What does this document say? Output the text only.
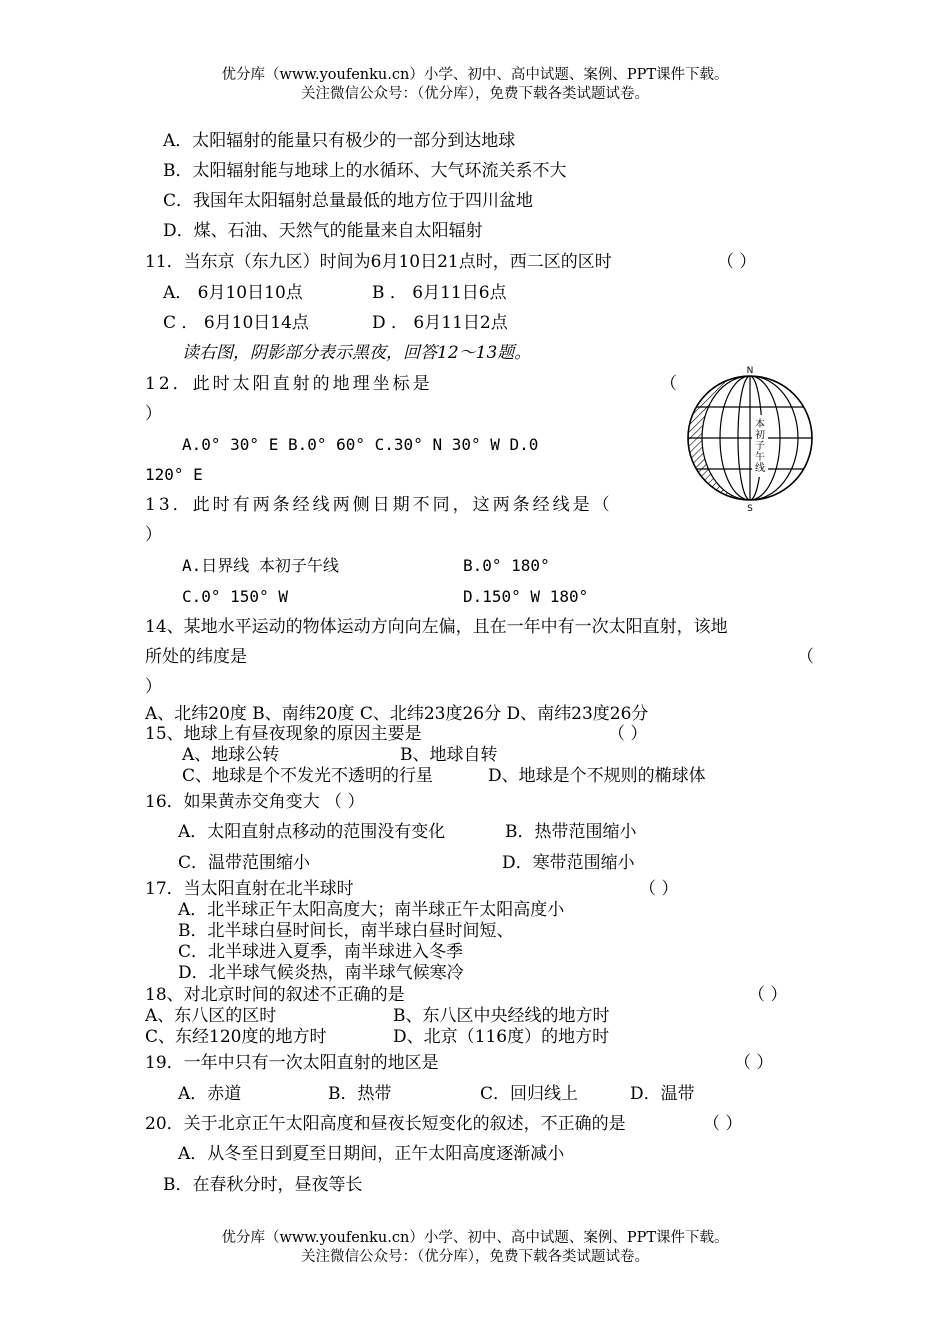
优分库（www.youfenku.cn）小学、初中、高中试题、案例、PPT课件下载。
关注微信公众号：（优分库），免费下载各类试题试卷。
A．太阳辐射的能量只有极少的一部分到达地球
B．太阳辐射能与地球上的水循环、大气环流关系不大
C．我国年太阳辐射总量最低的地方位于四川盆地
D．煤、石油、天然气的能量来自太阳辐射
11．当东京（东九区）时间为6月10日21点时，西二区的区时	（ ）
A． 6月10日10点	B ． 6月11日6点
C ． 6月10日14点	D ． 6月11日2点
读右图，阴影部分表示黑夜，回答12～13题。
12．此时太阳直射的地理坐标是	（
）
A.0° 30° E B.0° 60° C.30° N 30° W D.0
120° E
13．此时有两条经线两侧日期不同，这两条经线是（
）
A.日界线 本初子午线	B.0° 180°
C.0° 150° W	D.150° W 180°
N
S
本
初
子
午
线
14、某地水平运动的物体运动方向向左偏，且在一年中有一次太阳直射，该地
所处的纬度是	（
）
A、北纬20度 B、南纬20度 C、北纬23度26分 D、南纬23度26分
15、地球上有昼夜现象的原因主要是	（ ）
A、地球公转	B、地球自转
C、地球是个不发光不透明的行星	D、地球是个不规则的椭球体
16．如果黄赤交角变大 （ ）
A．太阳直射点移动的范围没有变化	B．热带范围缩小
C．温带范围缩小	D．寒带范围缩小
17．当太阳直射在北半球时	（ ）
A．北半球正午太阳高度大；南半球正午太阳高度小
B．北半球白昼时间长，南半球白昼时间短、
C．北半球进入夏季，南半球进入冬季
D．北半球气候炎热，南半球气候寒冷
18、对北京时间的叙述不正确的是	（ ）
A、东八区的区时	B、东八区中央经线的地方时
C、东经120度的地方时	D、北京（116度）的地方时
19．一年中只有一次太阳直射的地区是	（ ）
A．赤道	B．热带	C．回归线上	D．温带
20．关于北京正午太阳高度和昼夜长短变化的叙述，不正确的是	（ ）
A．从冬至日到夏至日期间，正午太阳高度逐渐减小
B．在春秋分时，昼夜等长
优分库（www.youfenku.cn）小学、初中、高中试题、案例、PPT课件下载。
关注微信公众号：（优分库），免费下载各类试题试卷。
